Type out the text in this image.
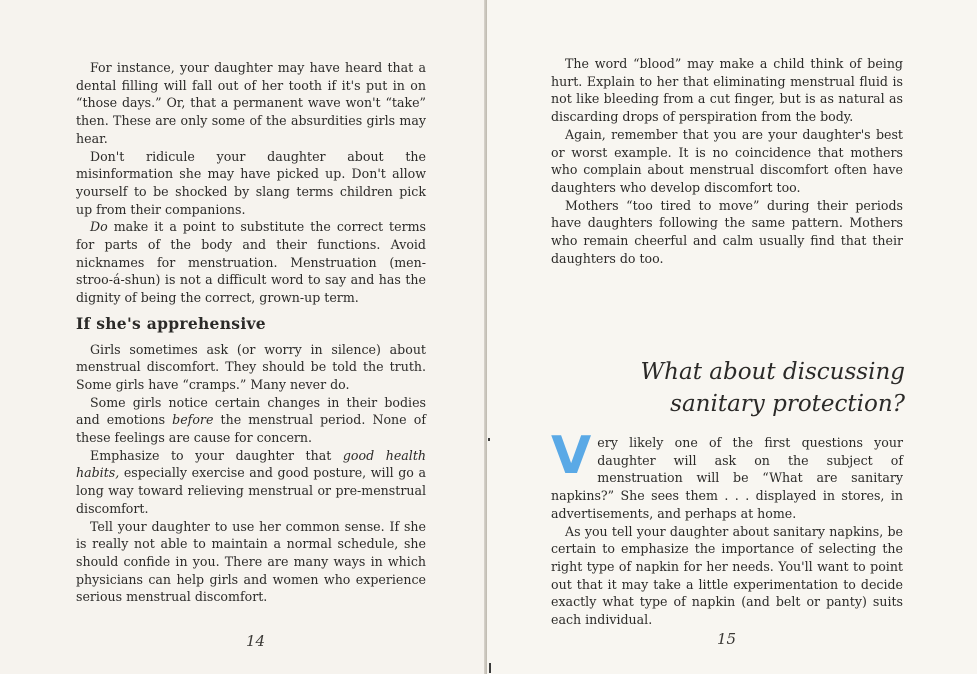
For instance, your daughter may have heard that a dental filling will fall out of her tooth if it's put in on “those days.” Or, that a permanent wave won't “take” then. These are only some of the absurdities girls may hear.

Don't ridicule your daughter about the misinformation she may have picked up. Don't allow yourself to be shocked by slang terms children pick up from their companions.

Do make it a point to substitute the correct terms for parts of the body and their functions. Avoid nicknames for menstruation. Menstruation (men-stroo-á-shun) is not a difficult word to say and has the dignity of being the correct, grown-up term.

If she's apprehensive

Girls sometimes ask (or worry in silence) about menstrual discomfort. They should be told the truth. Some girls have “cramps.” Many never do.

Some girls notice certain changes in their bodies and emotions before the menstrual period. None of these feelings are cause for concern.

Emphasize to your daughter that good health habits, especially exercise and good posture, will go a long way toward relieving menstrual or pre-menstrual discomfort.

Tell your daughter to use her common sense. If she is really not able to maintain a normal schedule, she should confide in you. There are many ways in which physicians can help girls and women who experience serious menstrual discomfort.

14

The word “blood” may make a child think of being hurt. Explain to her that eliminating menstrual fluid is not like bleeding from a cut finger, but is as natural as discarding drops of perspiration from the body.

Again, remember that you are your daughter's best or worst example. It is no coincidence that mothers who complain about menstrual discomfort often have daughters who develop discomfort too.

Mothers “too tired to move” during their periods have daughters following the same pattern. Mothers who remain cheerful and calm usually find that their daughters do too.

What about discussing
sanitary protection?

Very likely one of the first questions your daughter will ask on the subject of menstruation will be “What are sanitary napkins?” She sees them . . . displayed in stores, in advertisements, and perhaps at home.

As you tell your daughter about sanitary napkins, be certain to emphasize the importance of selecting the right type of napkin for her needs. You'll want to point out that it may take a little experimentation to decide exactly what type of napkin (and belt or panty) suits each individual.

15
